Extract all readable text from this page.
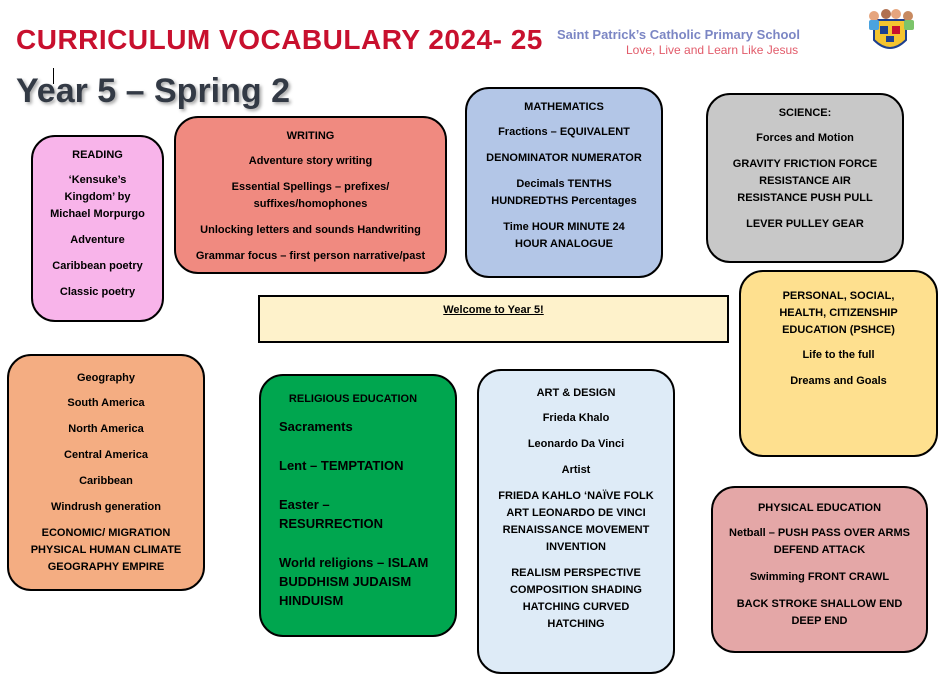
CURRICULUM VOCABULARY 2024- 25
Year 5 – Spring 2
Saint Patrick’s Catholic Primary School
Love, Live and Learn Like Jesus
READING
‘Kensuke’s Kingdom’ by Michael Morpurgo
Adventure
Caribbean poetry
Classic poetry
WRITING
Adventure story writing
Essential Spellings – prefixes/ suffixes/homophones
Unlocking letters and sounds Handwriting
Grammar focus – first person narrative/past
MATHEMATICS
Fractions – EQUIVALENT
DENOMINATOR NUMERATOR
Decimals TENTHS HUNDREDTHS Percentages
Time HOUR MINUTE 24 HOUR ANALOGUE
SCIENCE:
Forces and Motion
GRAVITY FRICTION FORCE RESISTANCE AIR RESISTANCE PUSH PULL
LEVER PULLEY GEAR
Welcome to Year 5!
PERSONAL, SOCIAL, HEALTH, CITIZENSHIP EDUCATION (PSHCE)
Life to the full
Dreams and Goals
Geography
South America
North America
Central America
Caribbean
Windrush generation
ECONOMIC/ MIGRATION PHYSICAL HUMAN CLIMATE GEOGRAPHY EMPIRE
RELIGIOUS EDUCATION
Sacraments
Lent – TEMPTATION
Easter – RESURRECTION
World religions – ISLAM BUDDHISM JUDAISM HINDUISM
ART & DESIGN
Frieda Khalo
Leonardo Da Vinci
Artist
FRIEDA KAHLO ‘NAÏVE FOLK ART LEONARDO DE VINCI RENAISSANCE MOVEMENT INVENTION
REALISM PERSPECTIVE COMPOSITION SHADING HATCHING CURVED HATCHING
PHYSICAL EDUCATION
Netball – PUSH PASS OVER ARMS DEFEND ATTACK
Swimming FRONT CRAWL
BACK STROKE SHALLOW END DEEP END
